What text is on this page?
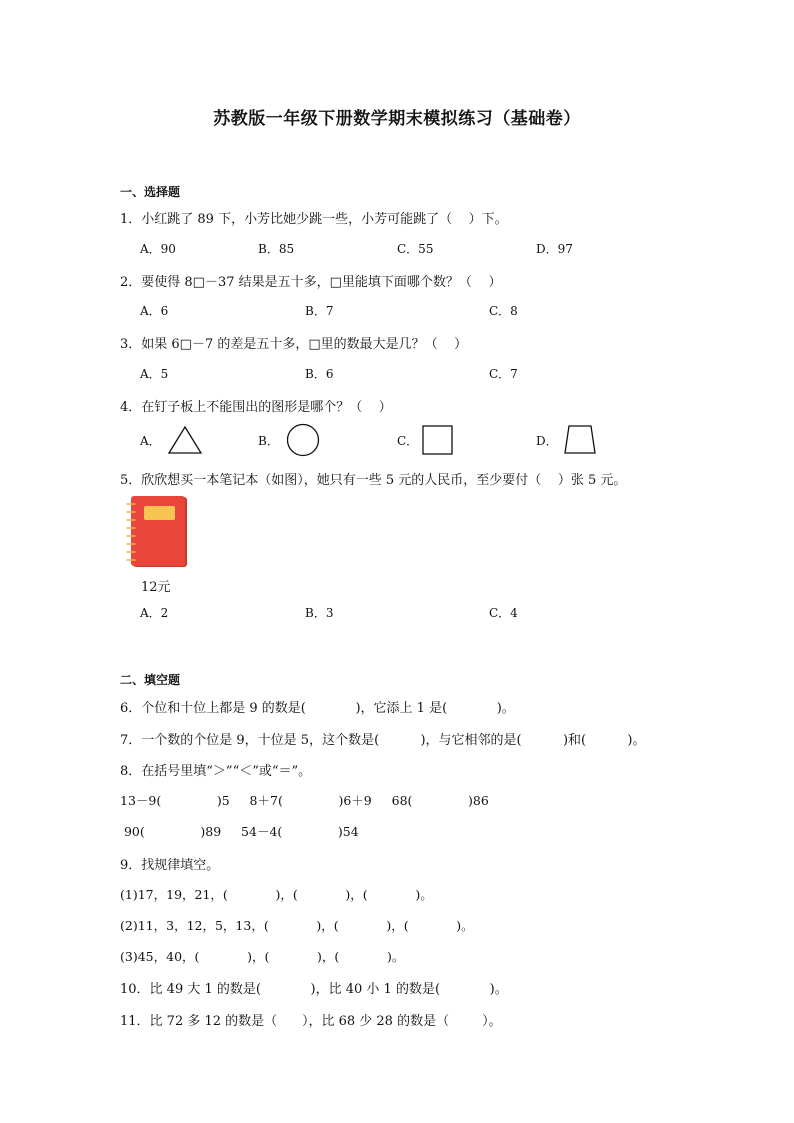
苏教版一年级下册数学期末模拟练习（基础卷）
一、选择题
1．小红跳了 89 下，小芳比她少跳一些，小芳可能跳了（    ）下。
A．90	B．85	C．55	D．97
2．要使得 8□－37 结果是五十多，□里能填下面哪个数？（    ）
A．6	B．7	C．8
3．如果 6□－7 的差是五十多，□里的数最大是几？（    ）
A．5	B．6	C．7
4．在钉子板上不能围出的图形是哪个？（    ）
A．	B．	C．	D．
5．欣欣想买一本笔记本（如图），她只有一些 5 元的人民币，至少要付（    ）张 5 元。
12元
A．2	B．3	C．4
二、填空题
6．个位和十位上都是 9 的数是(            )，它添上 1 是(            )。
7．一个数的个位是 9，十位是 5，这个数是(          )，与它相邻的是(          )和(          )。
8．在括号里填“＞”“＜”或“＝”。
13－9(              )5     8＋7(              )6＋9     68(              )86
90(              )89     54－4(              )54
9．找规律填空。
(1)17，19，21，(            )，(            )，(            )。
(2)11，3，12，5，13，(            )，(            )，(            )。
(3)45，40，(            )，(            )，(            )。
10．比 49 大 1 的数是(            )，比 40 小 1 的数是(            )。
11．比 72 多 12 的数是（      ），比 68 少 28 的数是（        ）。
